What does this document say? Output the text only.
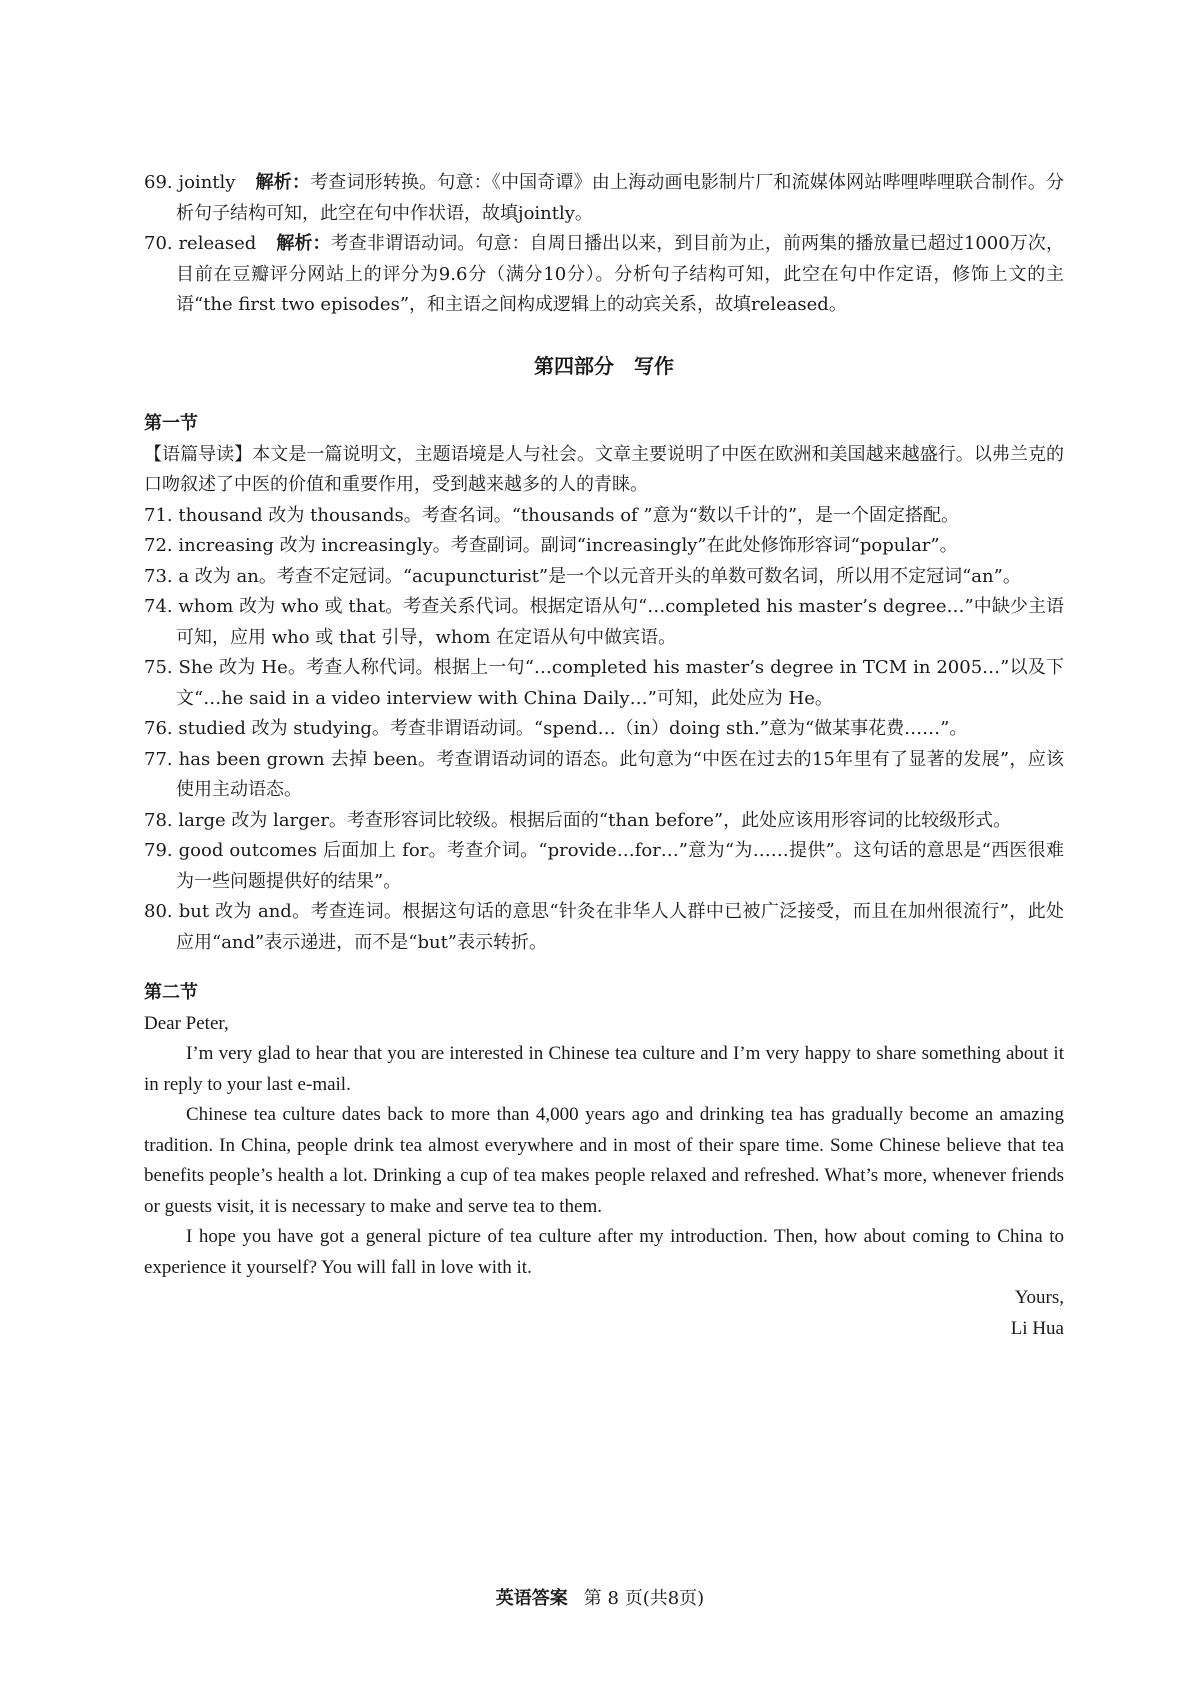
69. jointly 解析：考查词形转换。句意：《中国奇谭》由上海动画电影制片厂和流媒体网站哔哩哔哩联合制作。分析句子结构可知，此空在句中作状语，故填jointly。

70. released 解析：考查非谓语动词。句意：自周日播出以来，到目前为止，前两集的播放量已超过1000万次，目前在豆瓣评分网站上的评分为9.6分（满分10分）。分析句子结构可知，此空在句中作定语，修饰上文的主语“the first two episodes”，和主语之间构成逻辑上的动宾关系，故填released。

第四部分　写作

第一节

【语篇导读】本文是一篇说明文，主题语境是人与社会。文章主要说明了中医在欧洲和美国越来越盛行。以弗兰克的口吻叙述了中医的价值和重要作用，受到越来越多的人的青睐。

71. thousand 改为 thousands。考查名词。“thousands of ”意为“数以千计的”，是一个固定搭配。

72. increasing 改为 increasingly。考查副词。副词“increasingly”在此处修饰形容词“popular”。

73. a 改为 an。考查不定冠词。“acupuncturist”是一个以元音开头的单数可数名词，所以用不定冠词“an”。

74. whom 改为 who 或 that。考查关系代词。根据定语从句“…completed his master’s degree…”中缺少主语可知，应用 who 或 that 引导，whom 在定语从句中做宾语。

75. She 改为 He。考查人称代词。根据上一句“…completed his master’s degree in TCM in 2005…”以及下文“…he said in a video interview with China Daily…”可知，此处应为 He。

76. studied 改为 studying。考查非谓语动词。“spend…（in）doing sth.”意为“做某事花费……”。

77. has been grown 去掉 been。考查谓语动词的语态。此句意为“中医在过去的15年里有了显著的发展”，应该使用主动语态。

78. large 改为 larger。考查形容词比较级。根据后面的“than before”，此处应该用形容词的比较级形式。

79. good outcomes 后面加上 for。考查介词。“provide…for…”意为“为……提供”。这句话的意思是“西医很难为一些问题提供好的结果”。

80. but 改为 and。考查连词。根据这句话的意思“针灸在非华人人群中已被广泛接受，而且在加州很流行”，此处应用“and”表示递进，而不是“but”表示转折。

第二节

Dear Peter,

I’m very glad to hear that you are interested in Chinese tea culture and I’m very happy to share something about it in reply to your last e-mail.

Chinese tea culture dates back to more than 4,000 years ago and drinking tea has gradually become an amazing tradition. In China, people drink tea almost everywhere and in most of their spare time. Some Chinese believe that tea benefits people’s health a lot. Drinking a cup of tea makes people relaxed and refreshed. What’s more, whenever friends or guests visit, it is necessary to make and serve tea to them.

I hope you have got a general picture of tea culture after my introduction. Then, how about coming to China to experience it yourself? You will fall in love with it.

Yours,

Li Hua

英语答案 第 8 页(共8页)
